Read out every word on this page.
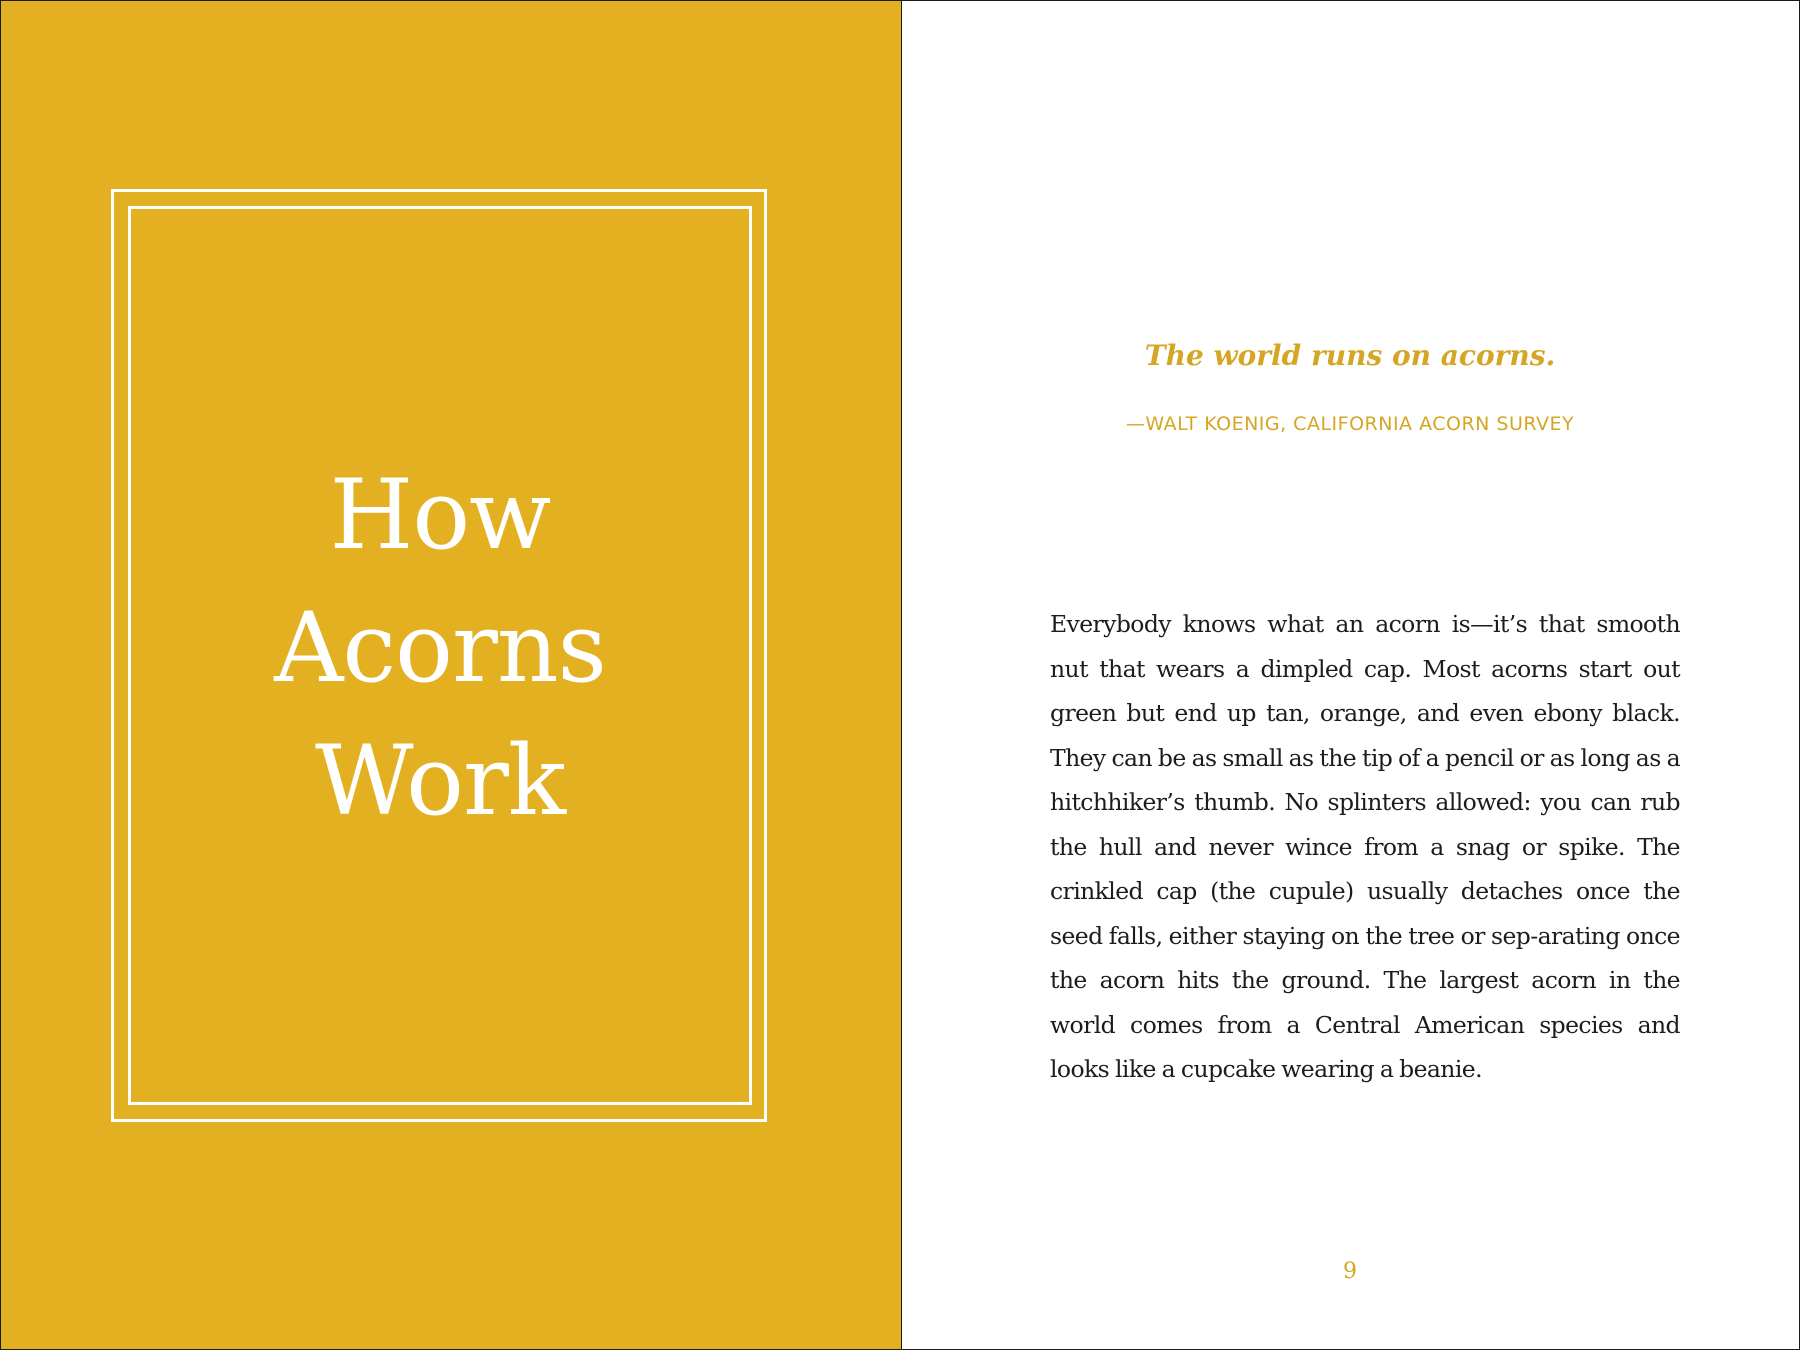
How
Acorns
Work

The world runs on acorns.

—WALT KOENIG, CALIFORNIA ACORN SURVEY

Everybody knows what an acorn is—it’s that smooth nut that wears a dimpled cap. Most acorns start out green but end up tan, orange, and even ebony black. They can be as small as the tip of a pencil or as long as a hitchhiker’s thumb. No splinters allowed: you can rub the hull and never wince from a snag or spike. The crinkled cap (the cupule) usually detaches once the seed falls, either staying on the tree or sep-arating once the acorn hits the ground. The largest acorn in the world comes from a Central American species and looks like a cupcake wearing a beanie.

9
